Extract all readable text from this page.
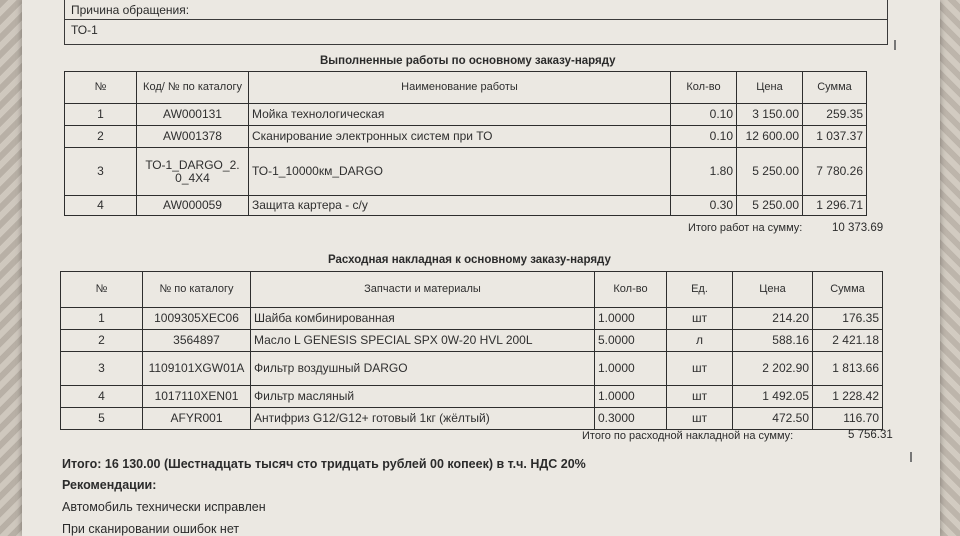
Причина обращения:
ТО-1
Выполненные работы по основному заказу-наряду
№	Код/ № по каталогу	Наименование работы	Кол-во	Цена	Сумма
1	AW000131	Мойка технологическая	0.10	3 150.00	259.35
2	AW001378	Сканирование электронных систем при ТО	0.10	12 600.00	1 037.37
3	ТО-1_DARGO_2.0_4X4	ТО-1_10000км_DARGO	1.80	5 250.00	7 780.26
4	AW000059	Защита картера - с/у	0.30	5 250.00	1 296.71
Итого работ на сумму:	10 373.69
Расходная накладная к основному заказу-наряду
№	№ по каталогу	Запчасти и материалы	Кол-во	Ед.	Цена	Сумма
1	1009305XEC06	Шайба комбинированная	1.0000	шт	214.20	176.35
2	3564897	Масло L GENESIS SPECIAL SPX 0W-20 HVL 200L	5.0000	л	588.16	2 421.18
3	1109101XGW01A	Фильтр воздушный DARGO	1.0000	шт	2 202.90	1 813.66
4	1017110XEN01	Фильтр масляный	1.0000	шт	1 492.05	1 228.42
5	AFYR001	Антифриз G12/G12+ готовый 1кг (жёлтый)	0.3000	шт	472.50	116.70
Итого по расходной накладной на сумму:	5 756.31
Итого: 16 130.00 (Шестнадцать тысяч сто тридцать рублей 00 копеек) в т.ч. НДС 20%
Рекомендации:
Автомобиль технически исправлен
При сканировании ошибок нет
